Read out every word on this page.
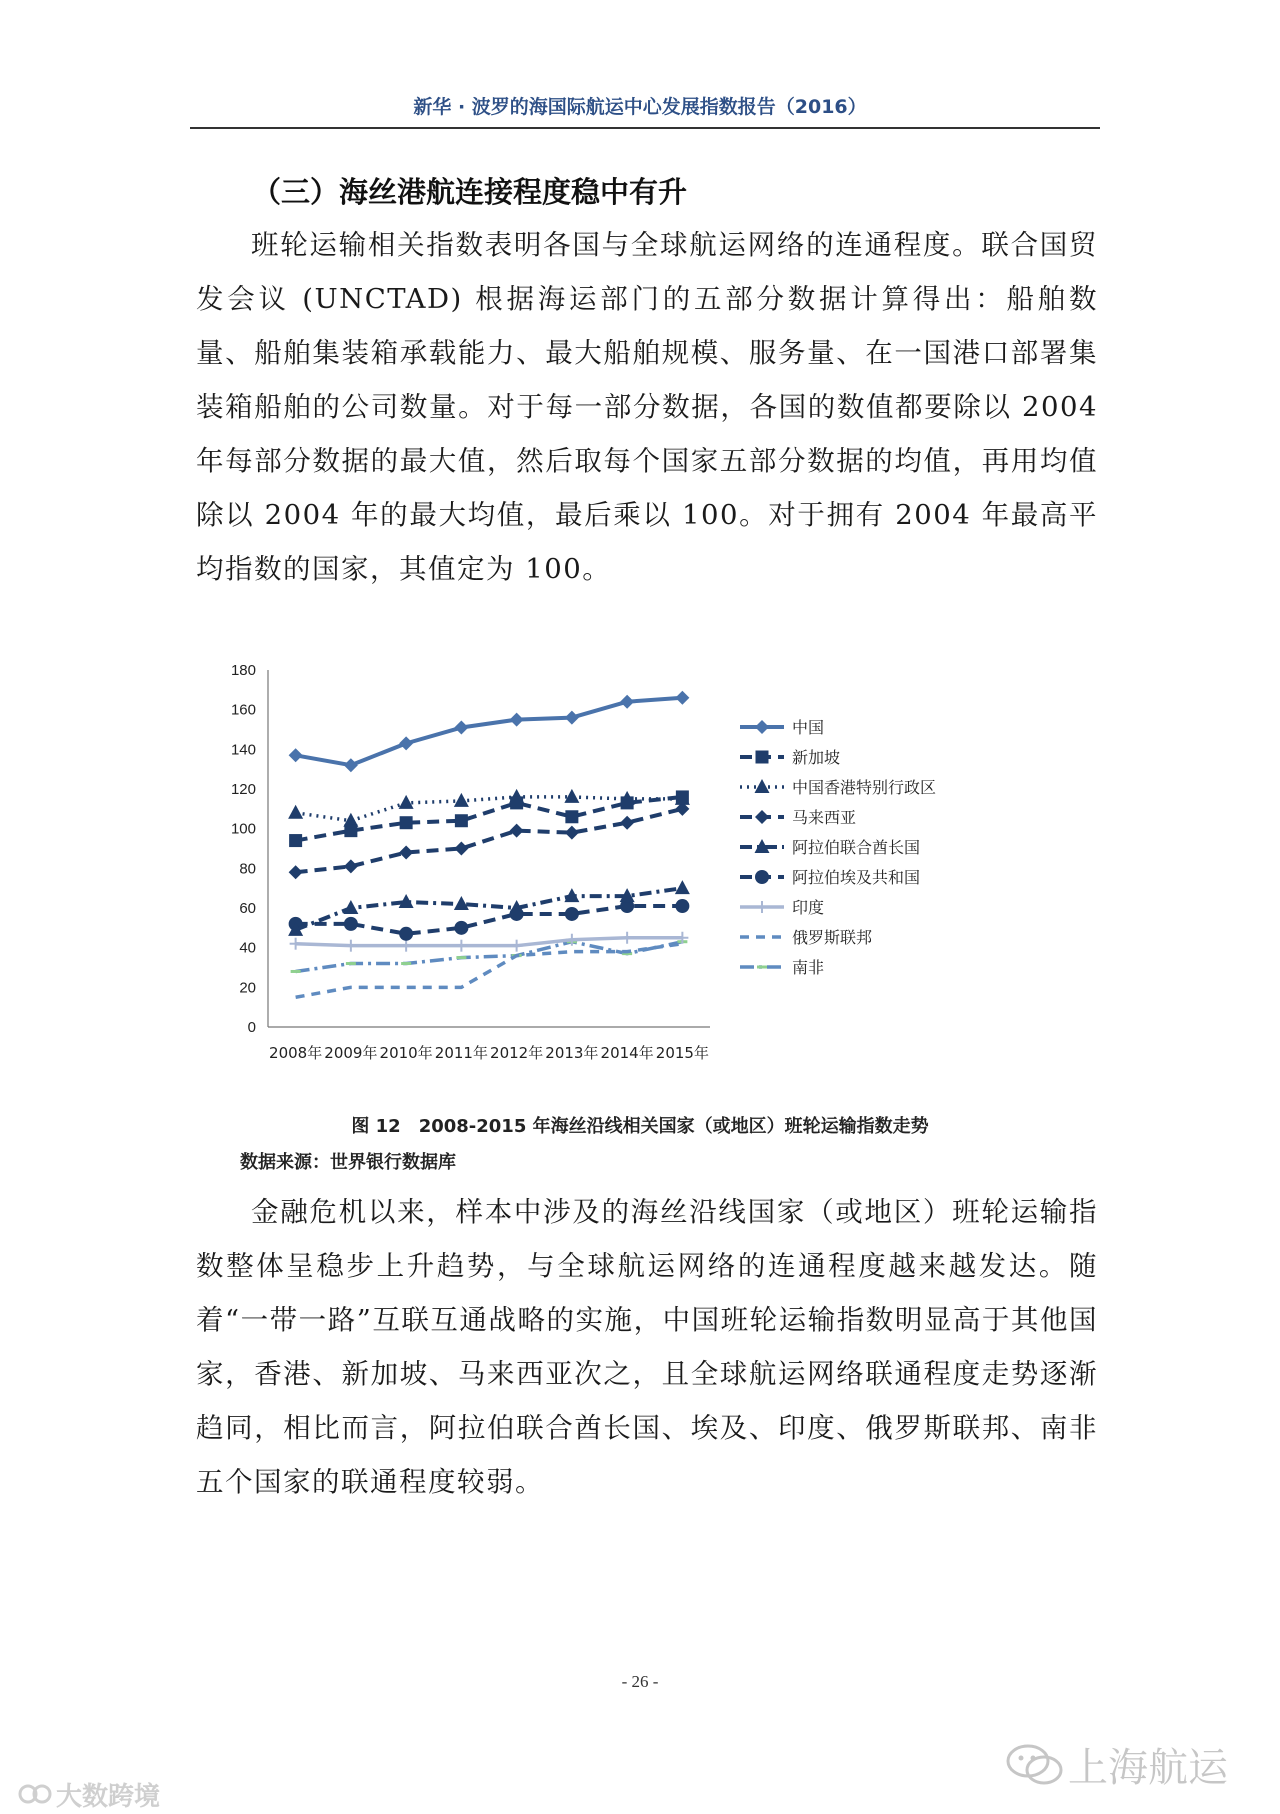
新华 · 波罗的海国际航运中心发展指数报告（2016）
（三）海丝港航连接程度稳中有升
班轮运输相关指数表明各国与全球航运网络的连通程度。联合国贸发会议 (UNCTAD) 根据海运部门的五部分数据计算得出：船舶数量、船舶集装箱承载能力、最大船舶规模、服务量、在一国港口部署集装箱船舶的公司数量。对于每一部分数据，各国的数值都要除以 2004 年每部分数据的最大值，然后取每个国家五部分数据的均值，再用均值除以 2004 年的最大均值，最后乘以 100。对于拥有 2004 年最高平均指数的国家，其值定为 100。
0
20
40
60
80
100
120
140
160
180
2008年 2009年 2010年 2011年 2012年 2013年 2014年 2015年
中国
新加坡
中国香港特别行政区
马来西亚
阿拉伯联合酋长国
阿拉伯埃及共和国
印度
俄罗斯联邦
南非
图 12　2008-2015 年海丝沿线相关国家（或地区）班轮运输指数走势
数据来源：世界银行数据库
金融危机以来，样本中涉及的海丝沿线国家（或地区）班轮运输指数整体呈稳步上升趋势，与全球航运网络的连通程度越来越发达。随着“一带一路”互联互通战略的实施，中国班轮运输指数明显高于其他国家，香港、新加坡、马来西亚次之，且全球航运网络联通程度走势逐渐趋同，相比而言，阿拉伯联合酋长国、埃及、印度、俄罗斯联邦、南非五个国家的联通程度较弱。
- 26 -
上海航运
大数跨境
